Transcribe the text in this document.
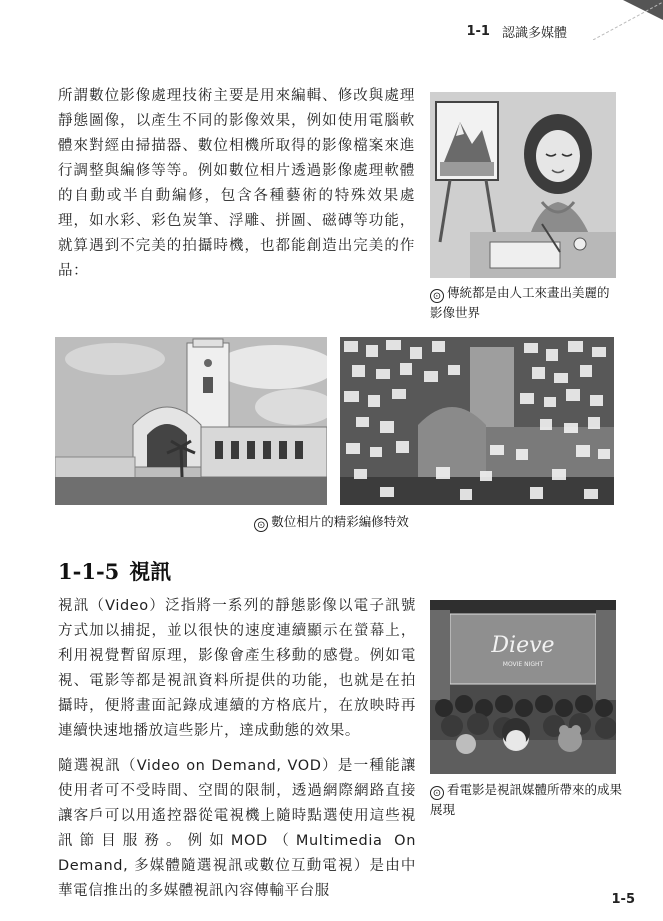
1-1 認識多媒體

所謂數位影像處理技術主要是用來編輯、修改與處理靜態圖像，以產生不同的影像效果，例如使用電腦軟體來對經由掃描器、數位相機所取得的影像檔案來進行調整與編修等等。例如數位相片透過影像處理軟體的自動或半自動編修，包含各種藝術的特殊效果處理，如水彩、彩色炭筆、浮雕、拼圖、磁磚等功能，就算遇到不完美的拍攝時機，也都能創造出完美的作品：

⊙ 傳統都是由人工來畫出美麗的影像世界
⊙ 數位相片的精彩編修特效
1-1-5 視訊

視訊（Video）泛指將一系列的靜態影像以電子訊號方式加以捕捉，並以很快的速度連續顯示在螢幕上，利用視覺暫留原理，影像會產生移動的感覺。例如電視、電影等都是視訊資料所提供的功能，也就是在拍攝時，便將畫面記錄成連續的方格底片，在放映時再連續快速地播放這些影片，達成動態的效果。

隨選視訊（Video on Demand, VOD）是一種能讓使用者可不受時間、空間的限制，透過網際網路直接讓客戶可以用遙控器從電視機上隨時點選使用這些視訊節目服務。例如MOD（Multimedia On Demand, 多媒體隨選視訊或數位互動電視）是由中華電信推出的多媒體視訊內容傳輸平台服

Dieve
MOVIE NIGHT
⊙ 看電影是視訊媒體所帶來的成果展現
1-5
